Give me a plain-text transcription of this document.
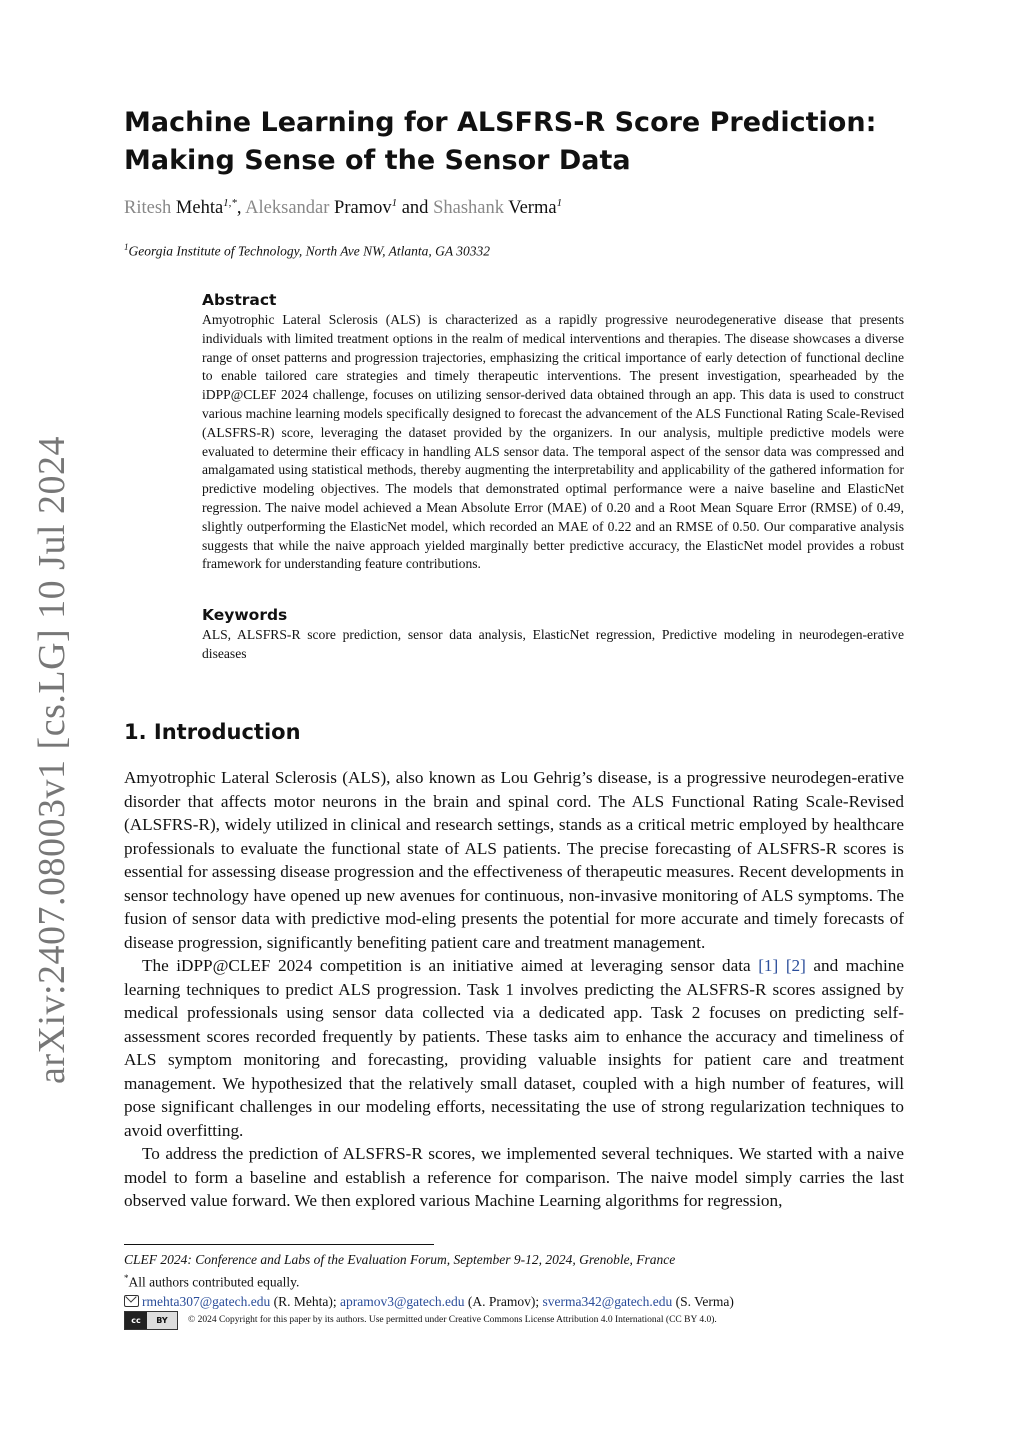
arXiv:2407.08003v1 [cs.LG] 10 Jul 2024
Machine Learning for ALSFRS-R Score Prediction: Making Sense of the Sensor Data
Ritesh Mehta$^{1,*}$, Aleksandar Pramov$^1$ and Shashank Verma$^1$
$^1$Georgia Institute of Technology, North Ave NW, Atlanta, GA 30332
Abstract

Amyotrophic Lateral Sclerosis (ALS) is characterized as a rapidly progressive neurodegenerative disease that presents individuals with limited treatment options in the realm of medical interventions and therapies. The disease showcases a diverse range of onset patterns and progression trajectories, emphasizing the critical importance of early detection of functional decline to enable tailored care strategies and timely therapeutic interventions. The present investigation, spearheaded by the iDPP@CLEF 2024 challenge, focuses on utilizing sensor-derived data obtained through an app. This data is used to construct various machine learning models specifically designed to forecast the advancement of the ALS Functional Rating Scale-Revised (ALSFRS-R) score, leveraging the dataset provided by the organizers. In our analysis, multiple predictive models were evaluated to determine their efficacy in handling ALS sensor data. The temporal aspect of the sensor data was compressed and amalgamated using statistical methods, thereby augmenting the interpretability and applicability of the gathered information for predictive modeling objectives. The models that demonstrated optimal performance were a naive baseline and ElasticNet regression. The naive model achieved a Mean Absolute Error (MAE) of 0.20 and a Root Mean Square Error (RMSE) of 0.49, slightly outperforming the ElasticNet model, which recorded an MAE of 0.22 and an RMSE of 0.50. Our comparative analysis suggests that while the naive approach yielded marginally better predictive accuracy, the ElasticNet model provides a robust framework for understanding feature contributions.

Keywords

ALS, ALSFRS-R score prediction, sensor data analysis, ElasticNet regression, Predictive modeling in neurodegen-erative diseases

1. Introduction

Amyotrophic Lateral Sclerosis (ALS), also known as Lou Gehrig’s disease, is a progressive neurodegen-erative disorder that affects motor neurons in the brain and spinal cord. The ALS Functional Rating Scale-Revised (ALSFRS-R), widely utilized in clinical and research settings, stands as a critical metric employed by healthcare professionals to evaluate the functional state of ALS patients. The precise forecasting of ALSFRS-R scores is essential for assessing disease progression and the effectiveness of therapeutic measures. Recent developments in sensor technology have opened up new avenues for continuous, non-invasive monitoring of ALS symptoms. The fusion of sensor data with predictive mod-eling presents the potential for more accurate and timely forecasts of disease progression, significantly benefiting patient care and treatment management.

The iDPP@CLEF 2024 competition is an initiative aimed at leveraging sensor data [1] [2] and machine learning techniques to predict ALS progression. Task 1 involves predicting the ALSFRS-R scores assigned by medical professionals using sensor data collected via a dedicated app. Task 2 focuses on predicting self-assessment scores recorded frequently by patients. These tasks aim to enhance the accuracy and timeliness of ALS symptom monitoring and forecasting, providing valuable insights for patient care and treatment management. We hypothesized that the relatively small dataset, coupled with a high number of features, will pose significant challenges in our modeling efforts, necessitating the use of strong regularization techniques to avoid overfitting.

To address the prediction of ALSFRS-R scores, we implemented several techniques. We started with a naive model to form a baseline and establish a reference for comparison. The naive model simply carries the last observed value forward. We then explored various Machine Learning algorithms for regression,

CLEF 2024: Conference and Labs of the Evaluation Forum, September 9-12, 2024, Grenoble, France
*All authors contributed equally.
rmehta307@gatech.edu (R. Mehta); apramov3@gatech.edu (A. Pramov); sverma342@gatech.edu (S. Verma)
cc	BY	© 2024 Copyright for this paper by its authors. Use permitted under Creative Commons License Attribution 4.0 International (CC BY 4.0).
